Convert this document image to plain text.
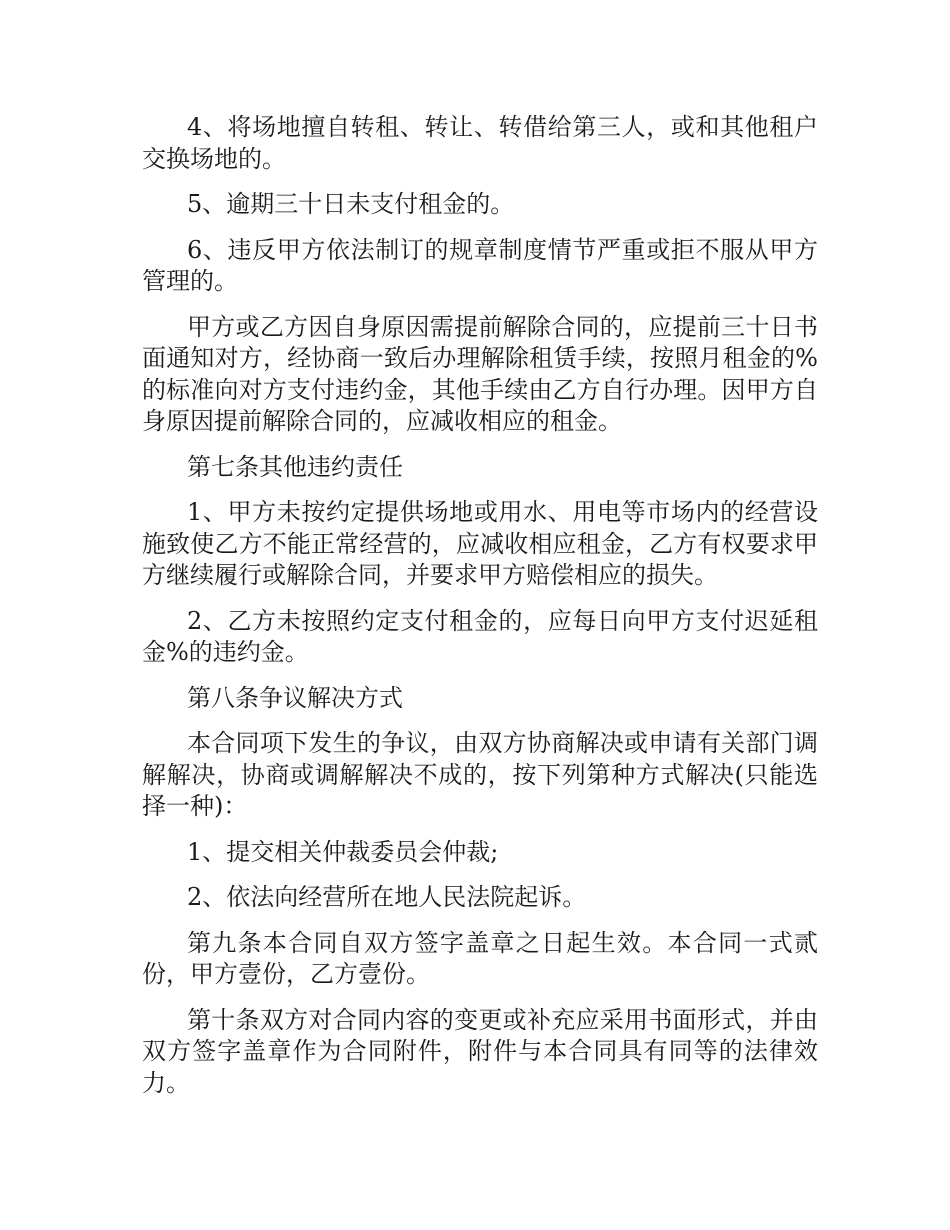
4、将场地擅自转租、转让、转借给第三人，或和其他租户交换场地的。

5、逾期三十日未支付租金的。

6、违反甲方依法制订的规章制度情节严重或拒不服从甲方管理的。

甲方或乙方因自身原因需提前解除合同的，应提前三十日书面通知对方，经协商一致后办理解除租赁手续，按照月租金的%的标准向对方支付违约金，其他手续由乙方自行办理。因甲方自身原因提前解除合同的，应减收相应的租金。

第七条其他违约责任

1、甲方未按约定提供场地或用水、用电等市场内的经营设施致使乙方不能正常经营的，应减收相应租金，乙方有权要求甲方继续履行或解除合同，并要求甲方赔偿相应的损失。

2、乙方未按照约定支付租金的，应每日向甲方支付迟延租金%的违约金。

第八条争议解决方式

本合同项下发生的争议，由双方协商解决或申请有关部门调解解决，协商或调解解决不成的，按下列第种方式解决(只能选择一种)：

1、提交相关仲裁委员会仲裁;

2、依法向经营所在地人民法院起诉。

第九条本合同自双方签字盖章之日起生效。本合同一式贰份，甲方壹份，乙方壹份。

第十条双方对合同内容的变更或补充应采用书面形式，并由双方签字盖章作为合同附件，附件与本合同具有同等的法律效力。
